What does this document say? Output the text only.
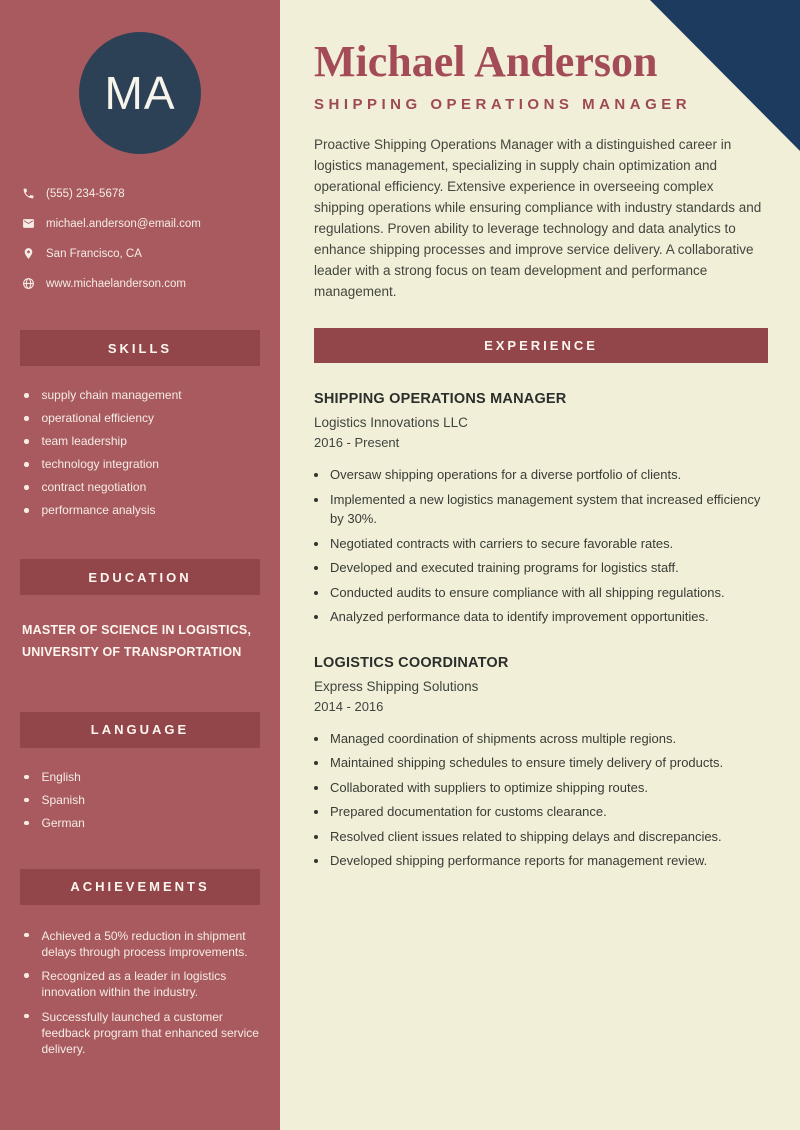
MA
(555) 234-5678
michael.anderson@email.com
San Francisco, CA
www.michaelanderson.com
SKILLS
supply chain management
operational efficiency
team leadership
technology integration
contract negotiation
performance analysis
EDUCATION
MASTER OF SCIENCE IN LOGISTICS, UNIVERSITY OF TRANSPORTATION
LANGUAGE
English
Spanish
German
ACHIEVEMENTS
Achieved a 50% reduction in shipment delays through process improvements.
Recognized as a leader in logistics innovation within the industry.
Successfully launched a customer feedback program that enhanced service delivery.
Michael Anderson
SHIPPING OPERATIONS MANAGER

Proactive Shipping Operations Manager with a distinguished career in logistics management, specializing in supply chain optimization and operational efficiency. Extensive experience in overseeing complex shipping operations while ensuring compliance with industry standards and regulations. Proven ability to leverage technology and data analytics to enhance shipping processes and improve service delivery. A collaborative leader with a strong focus on team development and performance management.

EXPERIENCE
SHIPPING OPERATIONS MANAGER
Logistics Innovations LLC
2016 - Present
Oversaw shipping operations for a diverse portfolio of clients.
Implemented a new logistics management system that increased efficiency by 30%.
Negotiated contracts with carriers to secure favorable rates.
Developed and executed training programs for logistics staff.
Conducted audits to ensure compliance with all shipping regulations.
Analyzed performance data to identify improvement opportunities.
LOGISTICS COORDINATOR
Express Shipping Solutions
2014 - 2016
Managed coordination of shipments across multiple regions.
Maintained shipping schedules to ensure timely delivery of products.
Collaborated with suppliers to optimize shipping routes.
Prepared documentation for customs clearance.
Resolved client issues related to shipping delays and discrepancies.
Developed shipping performance reports for management review.
